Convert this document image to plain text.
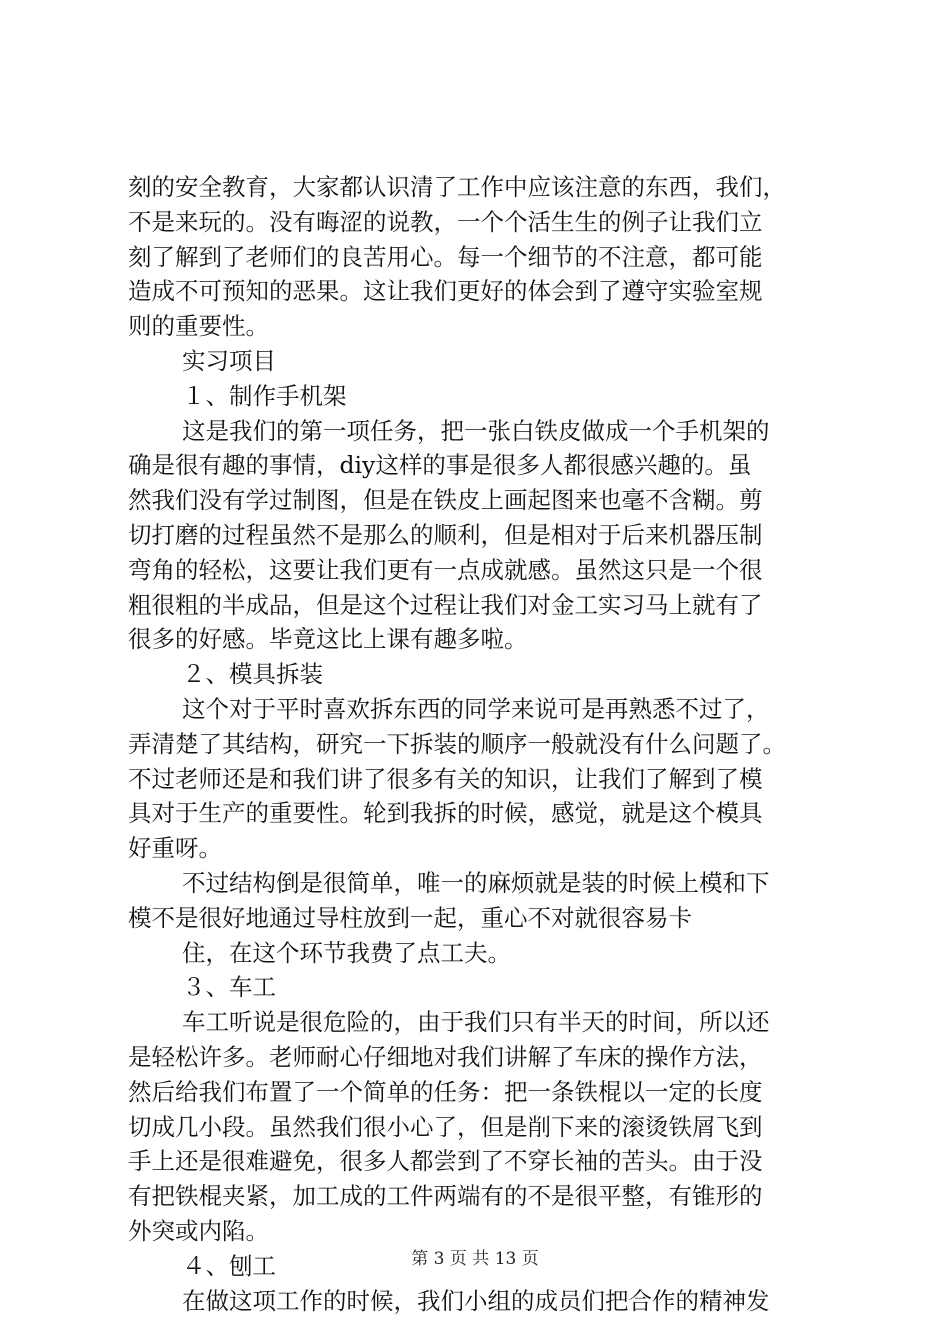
刻的安全教育，大家都认识清了工作中应该注意的东西，我们，
不是来玩的。没有晦涩的说教，一个个活生生的例子让我们立
刻了解到了老师们的良苦用心。每一个细节的不注意，都可能
造成不可预知的恶果。这让我们更好的体会到了遵守实验室规
则的重要性。
实习项目
１、制作手机架
这是我们的第一项任务，把一张白铁皮做成一个手机架的
确是很有趣的事情，diy这样的事是很多人都很感兴趣的。虽
然我们没有学过制图，但是在铁皮上画起图来也毫不含糊。剪
切打磨的过程虽然不是那么的顺利，但是相对于后来机器压制
弯角的轻松，这要让我们更有一点成就感。虽然这只是一个很
粗很粗的半成品，但是这个过程让我们对金工实习马上就有了
很多的好感。毕竟这比上课有趣多啦。
２、模具拆装
这个对于平时喜欢拆东西的同学来说可是再熟悉不过了，
弄清楚了其结构，研究一下拆装的顺序一般就没有什么问题了。
不过老师还是和我们讲了很多有关的知识，让我们了解到了模
具对于生产的重要性。轮到我拆的时候，感觉，就是这个模具
好重呀。
不过结构倒是很简单，唯一的麻烦就是装的时候上模和下
模不是很好地通过导柱放到一起，重心不对就很容易卡
住，在这个环节我费了点工夫。
３、车工
车工听说是很危险的，由于我们只有半天的时间，所以还
是轻松许多。老师耐心仔细地对我们讲解了车床的操作方法，
然后给我们布置了一个简单的任务：把一条铁棍以一定的长度
切成几小段。虽然我们很小心了，但是削下来的滚烫铁屑飞到
手上还是很难避免，很多人都尝到了不穿长袖的苦头。由于没
有把铁棍夹紧，加工成的工件两端有的不是很平整，有锥形的
外突或内陷。
４、刨工
在做这项工作的时候，我们小组的成员们把合作的精神发
第 3 页 共 13 页
